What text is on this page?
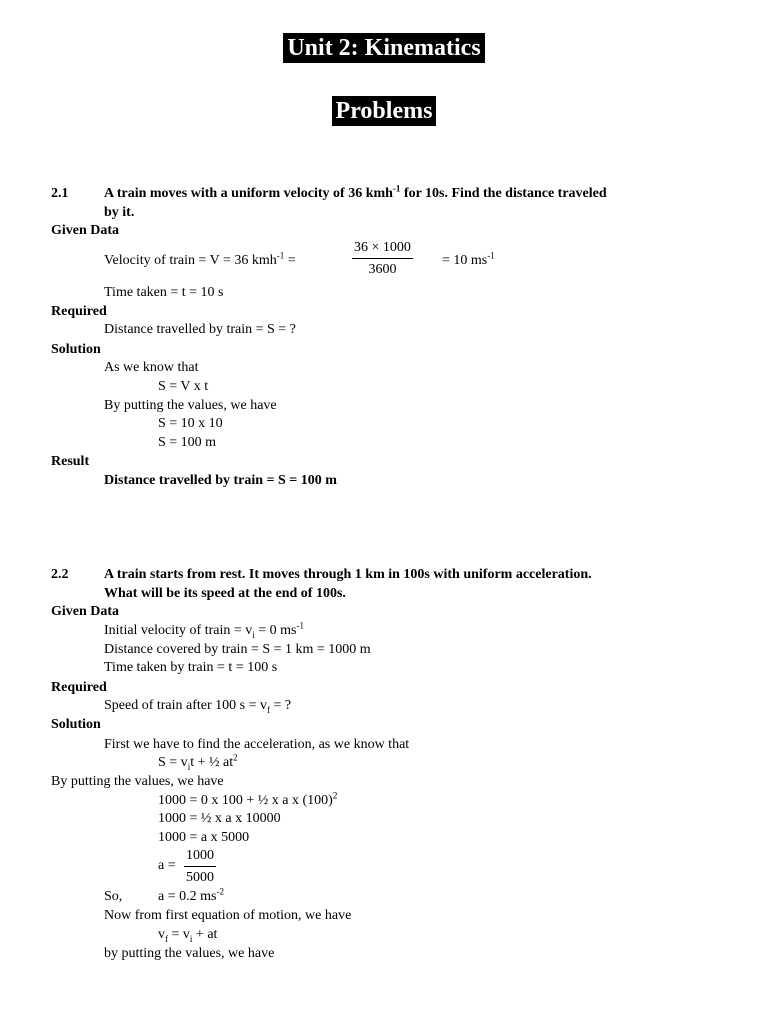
Unit 2: Kinematics
Problems
2.1	A train moves with a uniform velocity of 36 kmh$^{-1}$ for 10s. Find the distance traveled
by it.
Given Data
Velocity of train = V = 36 kmh$^{-1}$ =	$\frac{36 \times 1000}{3600} = 10$ $ms^{-1}$
Time taken = t = 10 s
Required
Distance travelled by train = S = ?
Solution
As we know that
S = V x t
By putting the values, we have
S = 10 x 10
S = 100 m
Result
Distance travelled by train = S = 100 m
2.2	A train starts from rest. It moves through 1 km in 100s with uniform acceleration.
What will be its speed at the end of 100s.
Given Data
Initial velocity of train = $v_i = 0$ $ms^{-1}$
Distance covered by train = S = 1 km = 1000 m
Time taken by train = t = 100 s
Required
Speed of train after 100 $s = v_f$ = ?
Solution
First we have to find the acceleration, as we know that
$S = v_it$ + ½ $at^2$
By putting the values, we have
1000 = 0 x 100 + ½ x a x $(100)^2$
1000 = ½ x a x 10000
1000 = a x 5000
$a = \frac{1000}{5000}$
So,	a = 0.2 $ms^{-2}$
Now from first equation of motion, we have
$v_f = v_i$ + at
by putting the values, we have
